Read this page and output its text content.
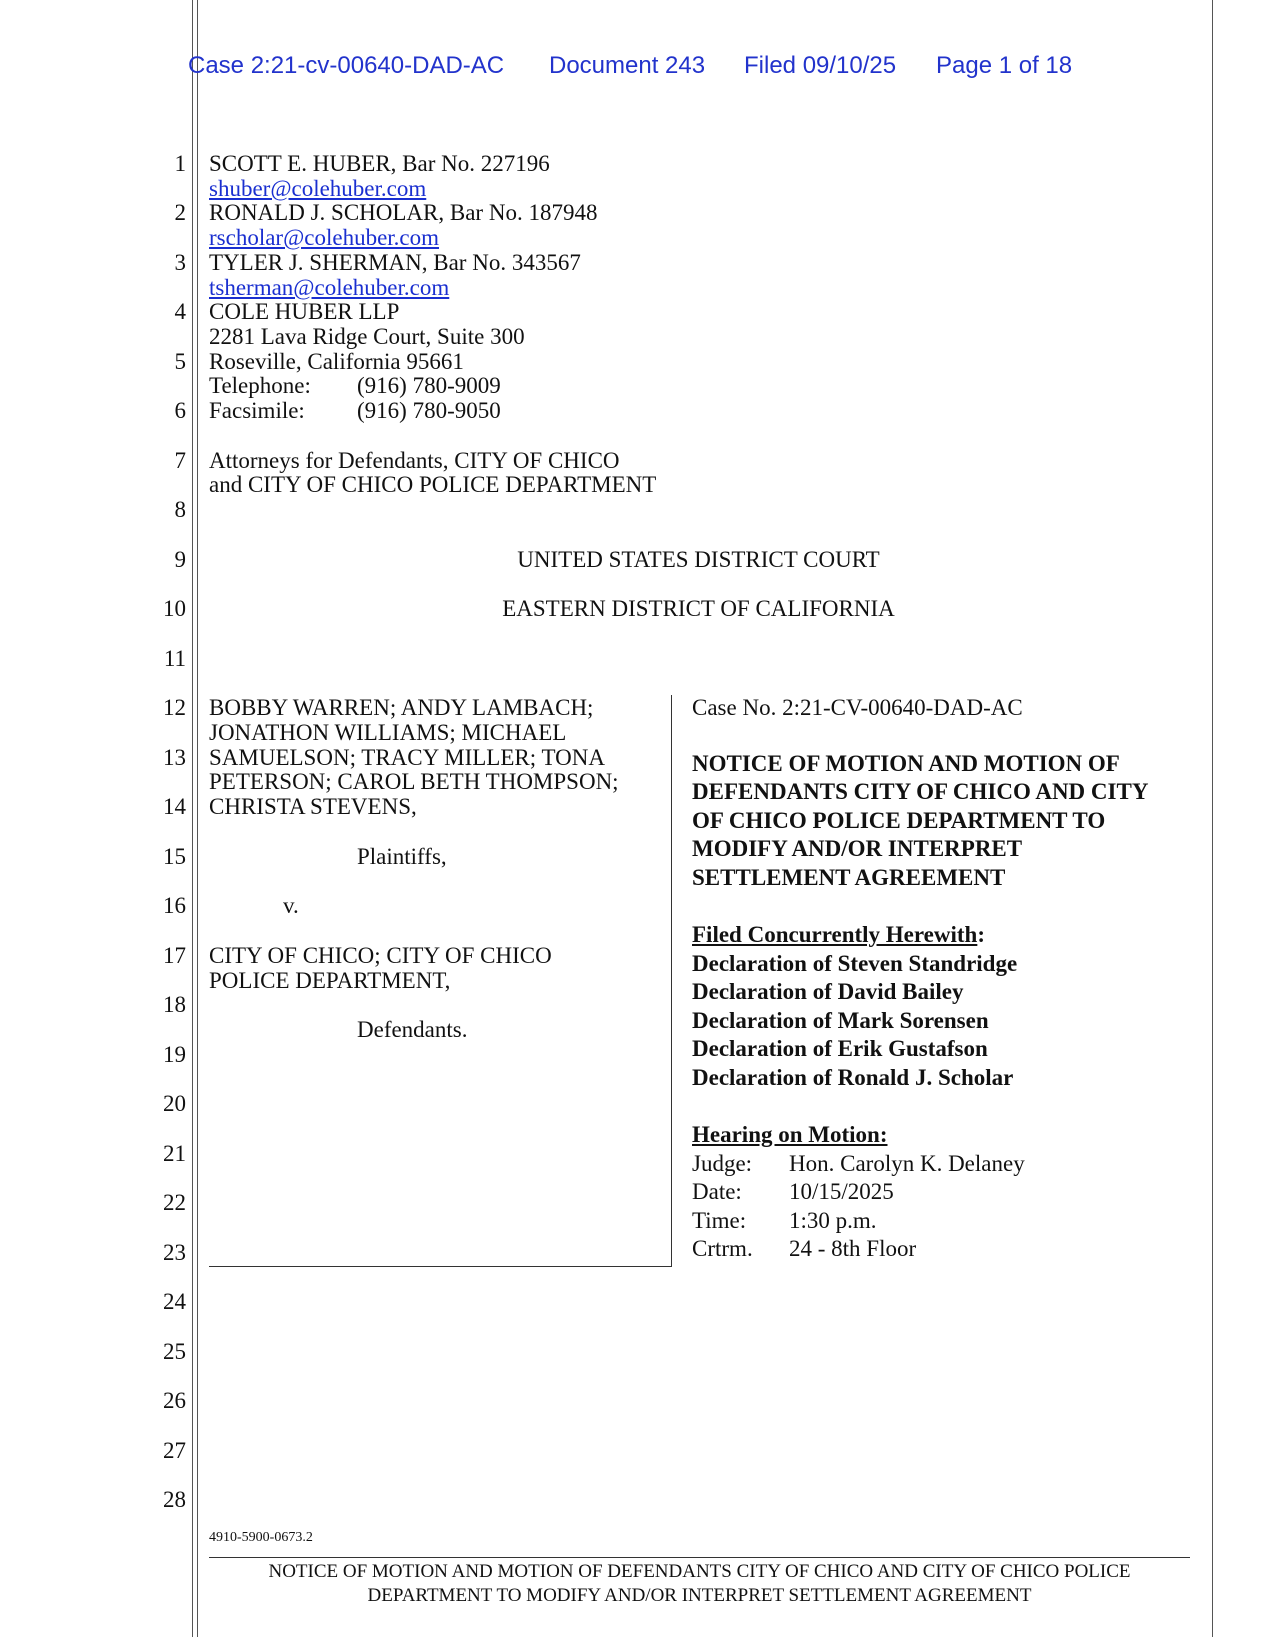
Case 2:21-cv-00640-DAD-AC Document 243 Filed 09/10/25 Page 1 of 18
1
2
3
4
5
6
7
8
9
10
11
12
13
14
15
16
17
18
19
20
21
22
23
24
25
26
27
28
SCOTT E. HUBER, Bar No. 227196
shuber@colehuber.com
RONALD J. SCHOLAR, Bar No. 187948
rscholar@colehuber.com
TYLER J. SHERMAN, Bar No. 343567
tsherman@colehuber.com
COLE HUBER LLP
2281 Lava Ridge Court, Suite 300
Roseville, California 95661
Telephone: (916) 780-9009
Facsimile: (916) 780-9050
Attorneys for Defendants, CITY OF CHICO
and CITY OF CHICO POLICE DEPARTMENT
UNITED STATES DISTRICT COURT
EASTERN DISTRICT OF CALIFORNIA
BOBBY WARREN; ANDY LAMBACH;
JONATHON WILLIAMS; MICHAEL
SAMUELSON; TRACY MILLER; TONA
PETERSON; CAROL BETH THOMPSON;
CHRISTA STEVENS,
Plaintiffs,
v.
CITY OF CHICO; CITY OF CHICO
POLICE DEPARTMENT,
Defendants.
Case No. 2:21-CV-00640-DAD-AC
NOTICE OF MOTION AND MOTION OF
DEFENDANTS CITY OF CHICO AND CITY
OF CHICO POLICE DEPARTMENT TO
MODIFY AND/OR INTERPRET
SETTLEMENT AGREEMENT
Filed Concurrently Herewith:
Declaration of Steven Standridge
Declaration of David Bailey
Declaration of Mark Sorensen
Declaration of Erik Gustafson
Declaration of Ronald J. Scholar
Hearing on Motion:
Judge: Hon. Carolyn K. Delaney
Date: 10/15/2025
Time: 1:30 p.m.
Crtrm. 24 - 8th Floor
4910-5900-0673.2
NOTICE OF MOTION AND MOTION OF DEFENDANTS CITY OF CHICO AND CITY OF CHICO POLICE
DEPARTMENT TO MODIFY AND/OR INTERPRET SETTLEMENT AGREEMENT
